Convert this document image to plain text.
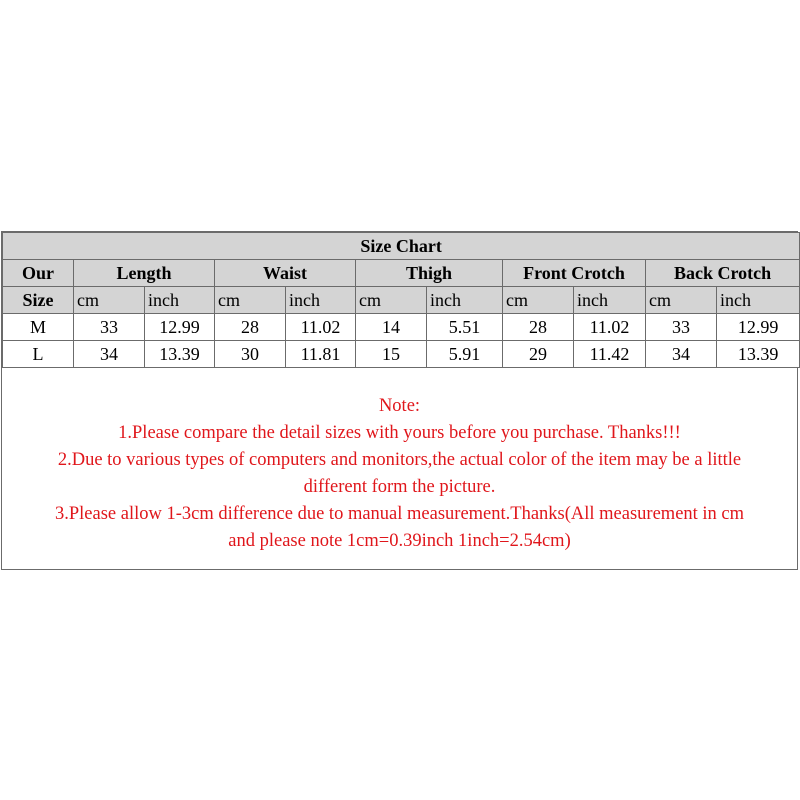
Size Chart										
Our	Length		Waist		Thigh		Front Crotch		Back Crotch	
Size	cm	inch	cm	inch	cm	inch	cm	inch	cm	inch
M	33	12.99	28	11.02	14	5.51	28	11.02	33	12.99
L	34	13.39	30	11.81	15	5.91	29	11.42	34	13.39
Note:
1.Please compare the detail sizes with yours before you purchase. Thanks!!!
2.Due to various types of computers and monitors,the actual color of the item may be a little
different form the picture.
3.Please allow 1-3cm difference due to manual measurement.Thanks(All measurement in cm
and please note 1cm=0.39inch 1inch=2.54cm)
